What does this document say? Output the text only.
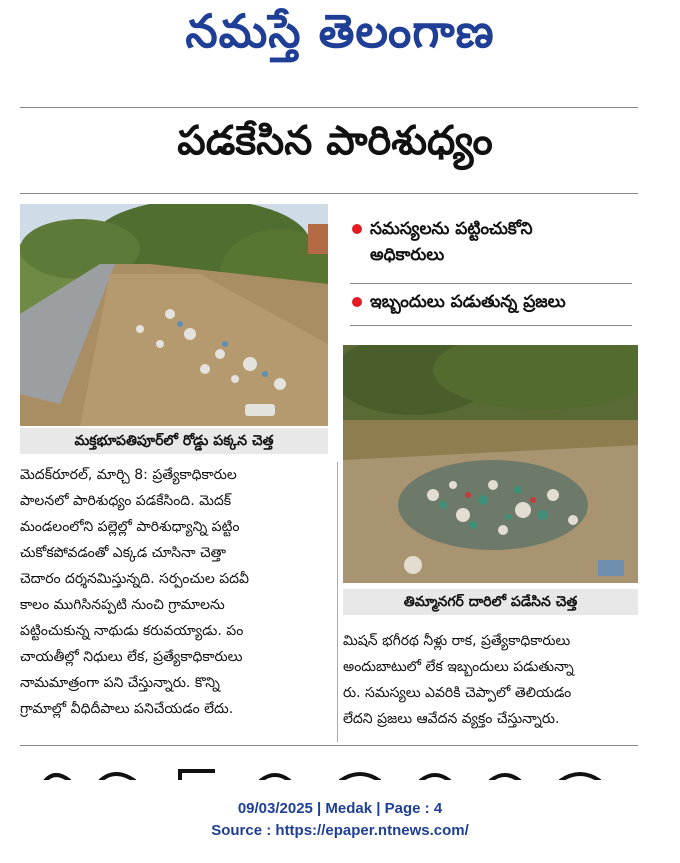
నమస్తే తెలంగాణ
పడకేసిన పారిశుధ్యం
మక్తభూపతిపూర్‌లో రోడ్డు పక్కన చెత్త
సమస్యలను పట్టించుకోని
అధికారులు
ఇబ్బందులు పడుతున్న ప్రజలు
తిమ్మానగర్ దారిలో పడేసిన చెత్త
మెదక్‌రూరల్, మార్చి 8: ప్రత్యేకాధికారుల
పాలనలో పారిశుధ్యం పడకేసింది. మెదక్
మండలంలోని పల్లెల్లో పారిశుధ్యాన్ని పట్టిం
చుకోకపోవడంతో ఎక్కడ చూసినా చెత్తా
చెదారం దర్శనమిస్తున్నది. సర్పంచుల పదవీ
కాలం ముగిసినప్పటి నుంచి గ్రామాలను
పట్టించుకున్న నాథుడు కరువయ్యాడు. పం
చాయతీల్లో నిధులు లేక, ప్రత్యేకాధికారులు
నామమాత్రంగా పని చేస్తున్నారు. కొన్ని
గ్రామాల్లో వీధిదీపాలు పనిచేయడం లేదు.
మిషన్ భగీరథ నీళ్లు రాక, ప్రత్యేకాధికారులు
అందుబాటులో లేక ఇబ్బందులు పడుతున్నా
రు. సమస్యలు ఎవరికి చెప్పాలో తెలియడం
లేదని ప్రజలు ఆవేదన వ్యక్తం చేస్తున్నారు.
09/03/2025 | Medak | Page : 4
Source : https://epaper.ntnews.com/
